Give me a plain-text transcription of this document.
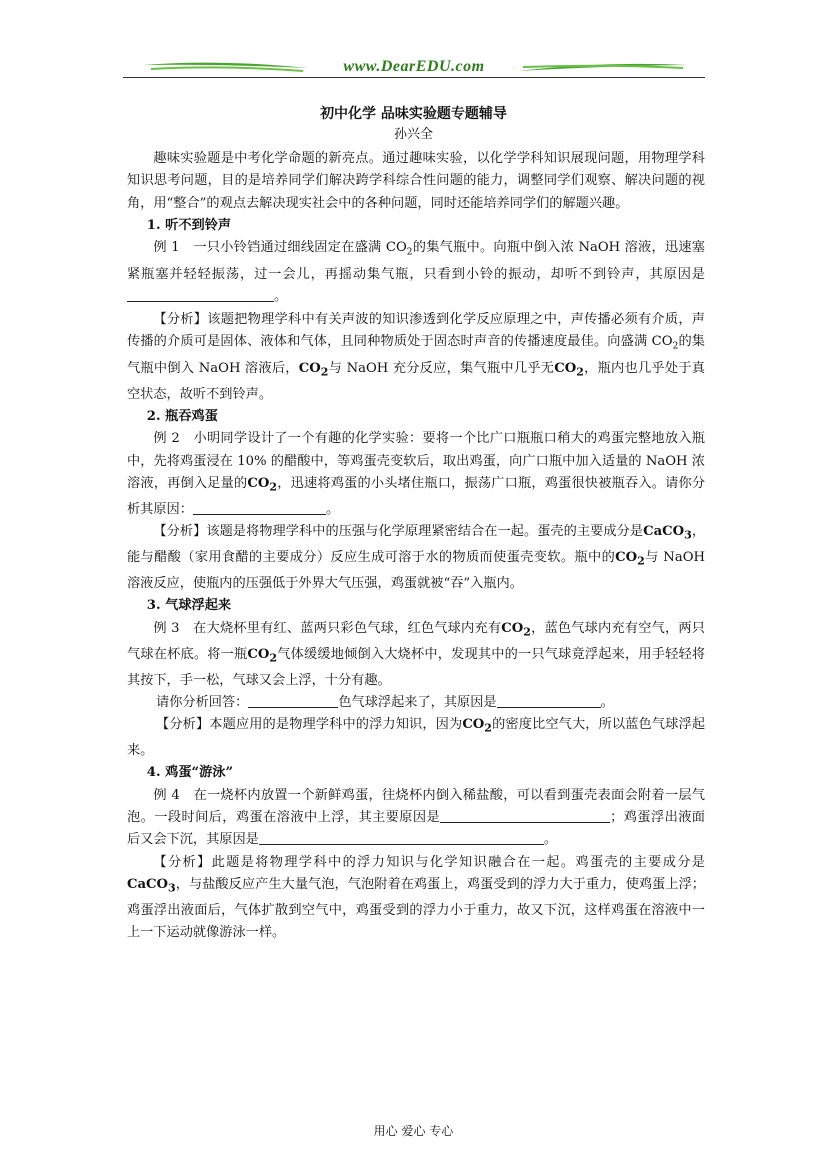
www.DearEDU.com
初中化学 品味实验题专题辅导
孙兴全

趣味实验题是中考化学命题的新亮点。通过趣味实验，以化学学科知识展现问题，用物理学科知识思考问题，目的是培养同学们解决跨学科综合性问题的能力，调整同学们观察、解决问题的视角，用“整合”的观点去解决现实社会中的各种问题，同时还能培养同学们的解题兴趣。

1. 听不到铃声

例 1　一只小铃铛通过细线固定在盛满 $CO_2$的集气瓶中。向瓶中倒入浓 NaOH 溶液，迅速塞紧瓶塞并轻轻振荡，过一会儿，再摇动集气瓶，只看到小铃的振动，却听不到铃声，其原因是。

【分析】该题把物理学科中有关声波的知识渗透到化学反应原理之中，声传播必须有介质，声传播的介质可是固体、液体和气体，且同种物质处于固态时声音的传播速度最佳。向盛满 $CO_2$的集气瓶中倒入 NaOH 溶液后，$CO_2$与 NaOH 充分反应，集气瓶中几乎无$CO_2$，瓶内也几乎处于真空状态，故听不到铃声。

2. 瓶吞鸡蛋

例 2　小明同学设计了一个有趣的化学实验：要将一个比广口瓶瓶口稍大的鸡蛋完整地放入瓶中，先将鸡蛋浸在 10% 的醋酸中，等鸡蛋壳变软后，取出鸡蛋，向广口瓶中加入适量的 NaOH 浓溶液，再倒入足量的$CO_2$，迅速将鸡蛋的小头堵住瓶口，振荡广口瓶，鸡蛋很快被瓶吞入。请你分析其原因：	。

【分析】该题是将物理学科中的压强与化学原理紧密结合在一起。蛋壳的主要成分是CaCO$_3$，能与醋酸（家用食醋的主要成分）反应生成可溶于水的物质而使蛋壳变软。瓶中的$CO_2$与 NaOH 溶液反应，使瓶内的压强低于外界大气压强，鸡蛋就被“吞”入瓶内。

3. 气球浮起来

例 3　在大烧杯里有红、蓝两只彩色气球，红色气球内充有$CO_2$，蓝色气球内充有空气，两只气球在杯底。将一瓶$CO_2$气体缓缓地倾倒入大烧杯中，发现其中的一只气球竟浮起来，用手轻轻将其按下，手一松，气球又会上浮，十分有趣。

请你分析回答：	色气球浮起来了，其原因是	。

【分析】本题应用的是物理学科中的浮力知识，因为$CO_2$的密度比空气大，所以蓝色气球浮起来。

4. 鸡蛋“游泳”

例 4　在一烧杯内放置一个新鲜鸡蛋，往烧杯内倒入稀盐酸，可以看到蛋壳表面会附着一层气泡。一段时间后，鸡蛋在溶液中上浮，其主要原因是	；鸡蛋浮出液面后又会下沉，其原因是	。

【分析】此题是将物理学科中的浮力知识与化学知识融合在一起。鸡蛋壳的主要成分是CaCO$_3$，与盐酸反应产生大量气泡，气泡附着在鸡蛋上，鸡蛋受到的浮力大于重力，使鸡蛋上浮；鸡蛋浮出液面后，气体扩散到空气中，鸡蛋受到的浮力小于重力，故又下沉，这样鸡蛋在溶液中一上一下运动就像游泳一样。

用心 爱心 专心
